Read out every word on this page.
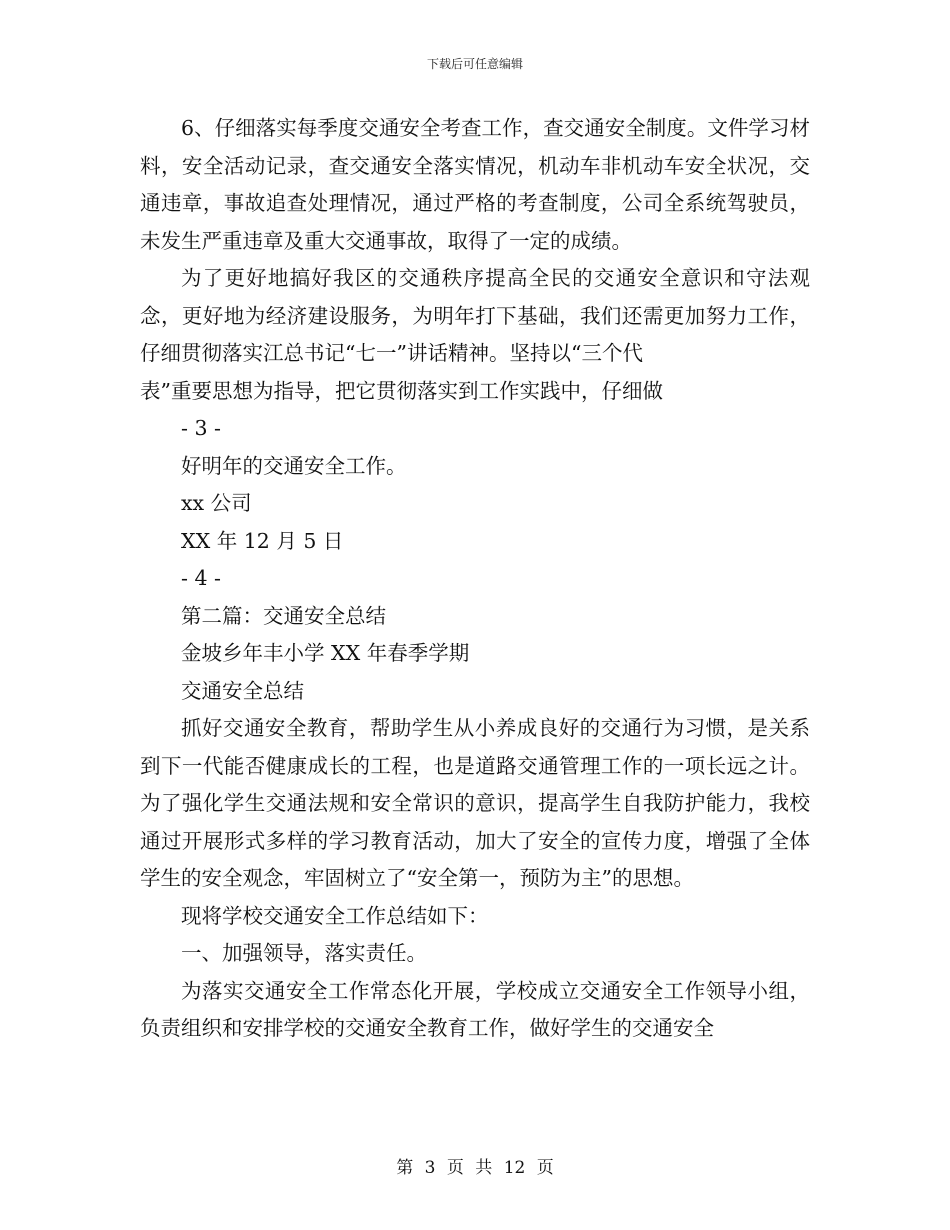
下载后可任意编辑

6、仔细落实每季度交通安全考查工作，查交通安全制度。文件学习材料，安全活动记录，查交通安全落实情况，机动车非机动车安全状况，交通违章，事故追查处理情况，通过严格的考查制度，公司全系统驾驶员，未发生严重违章及重大交通事故，取得了一定的成绩。

为了更好地搞好我区的交通秩序提高全民的交通安全意识和守法观念，更好地为经济建设服务，为明年打下基础，我们还需更加努力工作，仔细贯彻落实江总书记“七一”讲话精神。坚持以“三个代

表”重要思想为指导，把它贯彻落实到工作实践中，仔细做

- 3 -

好明年的交通安全工作。

xx 公司

XX 年 12 月 5 日

- 4 -

第二篇：交通安全总结

金坡乡年丰小学 XX 年春季学期

交通安全总结

抓好交通安全教育，帮助学生从小养成良好的交通行为习惯，是关系到下一代能否健康成长的工程，也是道路交通管理工作的一项长远之计。为了强化学生交通法规和安全常识的意识，提高学生自我防护能力，我校通过开展形式多样的学习教育活动，加大了安全的宣传力度，增强了全体学生的安全观念，牢固树立了“安全第一，预防为主”的思想。

现将学校交通安全工作总结如下：

一、加强领导，落实责任。

为落实交通安全工作常态化开展，学校成立交通安全工作领导小组，负责组织和安排学校的交通安全教育工作，做好学生的交通安全

第 3 页 共 12 页
